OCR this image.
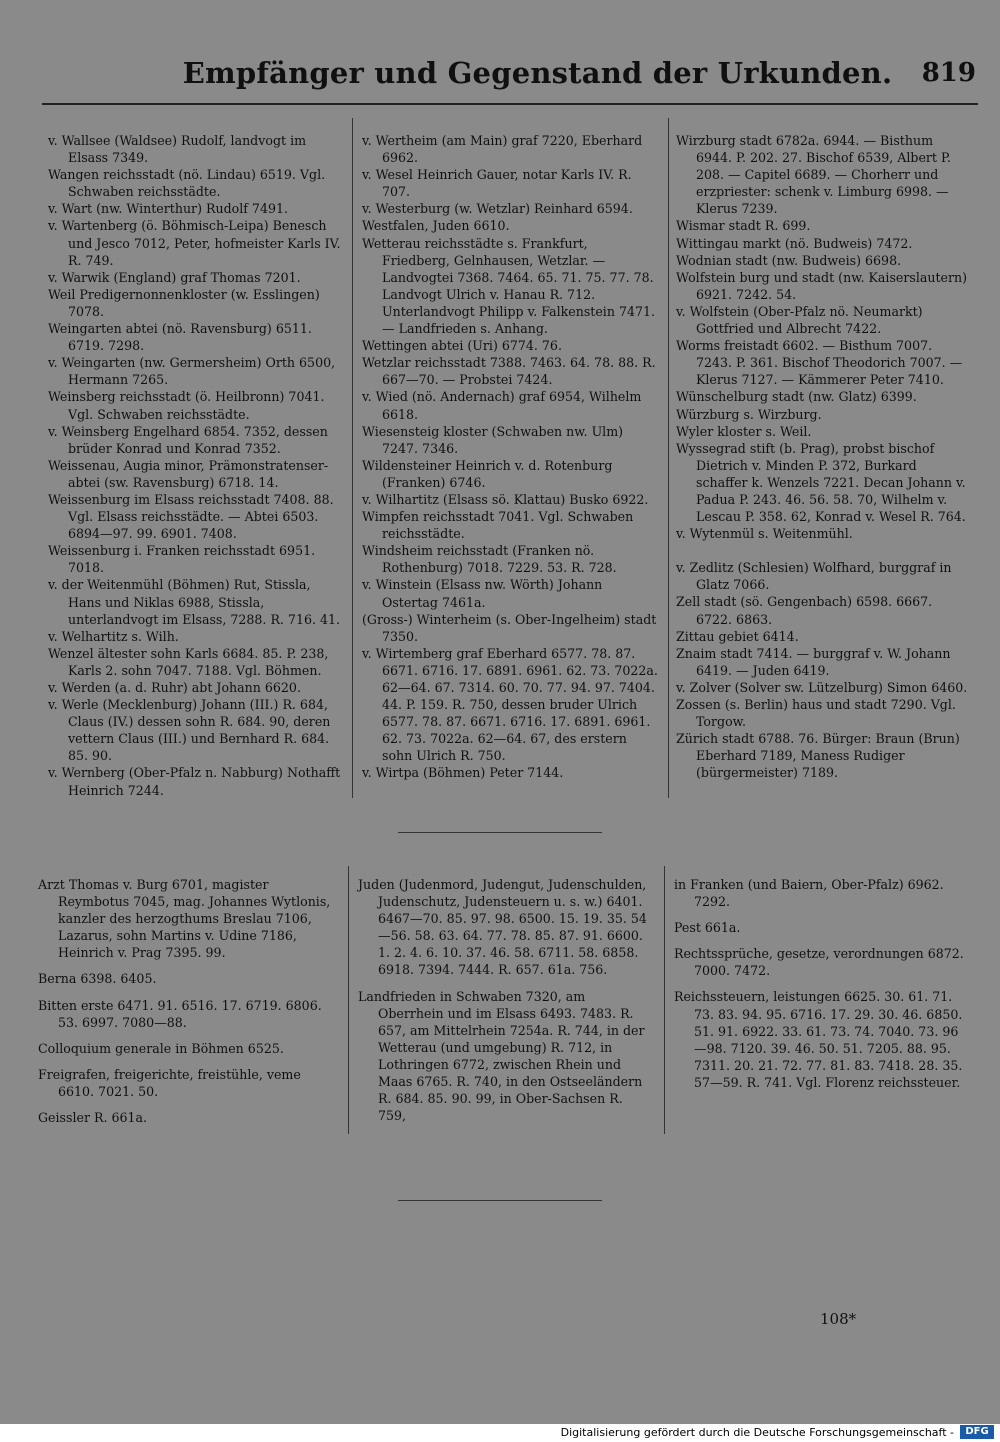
Empfänger und Gegenstand der Urkunden.	819

v. Wallsee (Waldsee) Rudolf, landvogt im Elsass 7349.

Wangen reichsstadt (nö. Lindau) 6519. Vgl. Schwaben reichsstädte.

v. Wart (nw. Winterthur) Rudolf 7491.

v. Wartenberg (ö. Böhmisch-Leipa) Benesch und Jesco 7012, Peter, hofmeister Karls IV. R. 749.

v. Warwik (England) graf Thomas 7201.

Weil Predigernonnenkloster (w. Esslingen) 7078.

Weingarten abtei (nö. Ravensburg) 6511. 6719. 7298.

v. Weingarten (nw. Germersheim) Orth 6500, Hermann 7265.

Weinsberg reichsstadt (ö. Heilbronn) 7041. Vgl. Schwaben reichsstädte.

v. Weinsberg Engelhard 6854. 7352, dessen brüder Konrad und Konrad 7352.

Weissenau, Augia minor, Prämonstratenser-abtei (sw. Ravensburg) 6718. 14.

Weissenburg im Elsass reichsstadt 7408. 88. Vgl. Elsass reichsstädte. — Abtei 6503. 6894—97. 99. 6901. 7408.

Weissenburg i. Franken reichsstadt 6951. 7018.

v. der Weitenmühl (Böhmen) Rut, Stissla, Hans und Niklas 6988, Stissla, unterlandvogt im Elsass, 7288. R. 716. 41.

v. Welhartitz s. Wilh.

Wenzel ältester sohn Karls 6684. 85. P. 238, Karls 2. sohn 7047. 7188. Vgl. Böhmen.

v. Werden (a. d. Ruhr) abt Johann 6620.

v. Werle (Mecklenburg) Johann (III.) R. 684, Claus (IV.) dessen sohn R. 684. 90, deren vettern Claus (III.) und Bernhard R. 684. 85. 90.

v. Wernberg (Ober-Pfalz n. Nabburg) Nothafft Heinrich 7244.

v. Wertheim (am Main) graf 7220, Eberhard 6962.

v. Wesel Heinrich Gauer, notar Karls IV. R. 707.

v. Westerburg (w. Wetzlar) Reinhard 6594.

Westfalen, Juden 6610.

Wetterau reichsstädte s. Frankfurt, Friedberg, Gelnhausen, Wetzlar. — Landvogtei 7368. 7464. 65. 71. 75. 77. 78. Landvogt Ulrich v. Hanau R. 712. Unterlandvogt Philipp v. Falkenstein 7471. — Landfrieden s. Anhang.

Wettingen abtei (Uri) 6774. 76.

Wetzlar reichsstadt 7388. 7463. 64. 78. 88. R. 667—70. — Probstei 7424.

v. Wied (nö. Andernach) graf 6954, Wilhelm 6618.

Wiesensteig kloster (Schwaben nw. Ulm) 7247. 7346.

Wildensteiner Heinrich v. d. Rotenburg (Franken) 6746.

v. Wilhartitz (Elsass sö. Klattau) Busko 6922.

Wimpfen reichsstadt 7041. Vgl. Schwaben reichsstädte.

Windsheim reichsstadt (Franken nö. Rothenburg) 7018. 7229. 53. R. 728.

v. Winstein (Elsass nw. Wörth) Johann Ostertag 7461a.

(Gross-) Winterheim (s. Ober-Ingelheim) stadt 7350.

v. Wirtemberg graf Eberhard 6577. 78. 87. 6671. 6716. 17. 6891. 6961. 62. 73. 7022a. 62—64. 67. 7314. 60. 70. 77. 94. 97. 7404. 44. P. 159. R. 750, dessen bruder Ulrich 6577. 78. 87. 6671. 6716. 17. 6891. 6961. 62. 73. 7022a. 62—64. 67, des erstern sohn Ulrich R. 750.

v. Wirtpa (Böhmen) Peter 7144.

Wirzburg stadt 6782a. 6944. — Bisthum 6944. P. 202. 27. Bischof 6539, Albert P. 208. — Capitel 6689. — Chorherr und erzpriester: schenk v. Limburg 6998. — Klerus 7239.

Wismar stadt R. 699.

Wittingau markt (nö. Budweis) 7472.

Wodnian stadt (nw. Budweis) 6698.

Wolfstein burg und stadt (nw. Kaiserslautern) 6921. 7242. 54.

v. Wolfstein (Ober-Pfalz nö. Neumarkt) Gottfried und Albrecht 7422.

Worms freistadt 6602. — Bisthum 7007. 7243. P. 361. Bischof Theodorich 7007. — Klerus 7127. — Kämmerer Peter 7410.

Wünschelburg stadt (nw. Glatz) 6399.

Würzburg s. Wirzburg.

Wyler kloster s. Weil.

Wyssegrad stift (b. Prag), probst bischof Dietrich v. Minden P. 372, Burkard schaffer k. Wenzels 7221. Decan Johann v. Padua P. 243. 46. 56. 58. 70, Wilhelm v. Lescau P. 358. 62, Konrad v. Wesel R. 764.

v. Wytenmül s. Weitenmühl.

v. Zedlitz (Schlesien) Wolfhard, burggraf in Glatz 7066.

Zell stadt (sö. Gengenbach) 6598. 6667. 6722. 6863.

Zittau gebiet 6414.

Znaim stadt 7414. — burggraf v. W. Johann 6419. — Juden 6419.

v. Zolver (Solver sw. Lützelburg) Simon 6460.

Zossen (s. Berlin) haus und stadt 7290. Vgl. Torgow.

Zürich stadt 6788. 76. Bürger: Braun (Brun) Eberhard 7189, Maness Rudiger (bürgermeister) 7189.

Arzt Thomas v. Burg 6701, magister Reymbotus 7045, mag. Johannes Wytlonis, kanzler des herzogthums Breslau 7106, Lazarus, sohn Martins v. Udine 7186, Heinrich v. Prag 7395. 99.

Berna 6398. 6405.

Bitten erste 6471. 91. 6516. 17. 6719. 6806. 53. 6997. 7080—88.

Colloquium generale in Böhmen 6525.

Freigrafen, freigerichte, freistühle, veme 6610. 7021. 50.

Geissler R. 661a.

Juden (Judenmord, Judengut, Judenschulden, Judenschutz, Judensteuern u. s. w.) 6401. 6467—70. 85. 97. 98. 6500. 15. 19. 35. 54—56. 58. 63. 64. 77. 78. 85. 87. 91. 6600. 1. 2. 4. 6. 10. 37. 46. 58. 6711. 58. 6858. 6918. 7394. 7444. R. 657. 61a. 756.

Landfrieden in Schwaben 7320, am Oberrhein und im Elsass 6493. 7483. R. 657, am Mittelrhein 7254a. R. 744, in der Wetterau (und umgebung) R. 712, in Lothringen 6772, zwischen Rhein und Maas 6765. R. 740, in den Ostseeländern R. 684. 85. 90. 99, in Ober-Sachsen R. 759,

in Franken (und Baiern, Ober-Pfalz) 6962. 7292.

Pest 661a.

Rechtssprüche, gesetze, verordnungen 6872. 7000. 7472.

Reichssteuern, leistungen 6625. 30. 61. 71. 73. 83. 94. 95. 6716. 17. 29. 30. 46. 6850. 51. 91. 6922. 33. 61. 73. 74. 7040. 73. 96—98. 7120. 39. 46. 50. 51. 7205. 88. 95. 7311. 20. 21. 72. 77. 81. 83. 7418. 28. 35. 57—59. R. 741. Vgl. Florenz reichssteuer.

108*
Digitalisierung gefördert durch die Deutsche Forschungsgemeinschaft -	DFG
